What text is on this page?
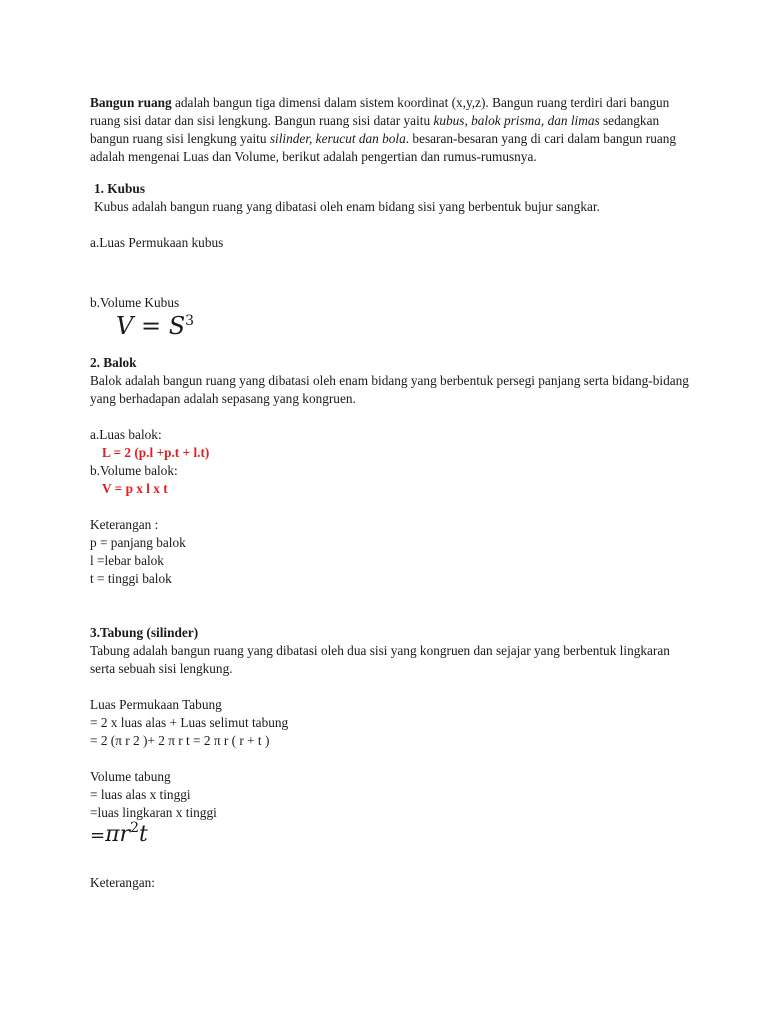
Bangun ruang adalah bangun tiga dimensi dalam sistem koordinat (x,y,z). Bangun ruang terdiri dari bangun ruang sisi datar dan sisi lengkung. Bangun ruang sisi datar yaitu kubus, balok prisma, dan limas sedangkan bangun ruang sisi lengkung yaitu silinder, kerucut dan bola. besaran-besaran yang di cari dalam bangun ruang adalah mengenai Luas dan Volume, berikut adalah pengertian dan rumus-rumusnya.

1. Kubus

Kubus adalah bangun ruang yang dibatasi oleh enam bidang sisi yang berbentuk bujur sangkar.

a.Luas Permukaan kubus

b.Volume Kubus

$V = S^3$

2. Balok

Balok adalah bangun ruang yang dibatasi oleh enam bidang yang berbentuk persegi panjang serta bidang-bidang yang berhadapan adalah sepasang yang kongruen.

a.Luas balok:

L = 2 (p.l +p.t + l.t)

b.Volume balok:

V = p x l x t

Keterangan :

p = panjang balok

l =lebar balok

t = tinggi balok

3.Tabung (silinder)

Tabung adalah bangun ruang yang dibatasi oleh dua sisi yang kongruen dan sejajar yang berbentuk lingkaran serta sebuah sisi lengkung.

Luas Permukaan Tabung

= 2 x luas alas + Luas selimut tabung

= 2 (π r 2 )+ 2 π r t = 2 π r ( r + t )

Volume tabung

= luas alas x tinggi

=luas lingkaran x tinggi

$=\pi r^2t$

Keterangan:
